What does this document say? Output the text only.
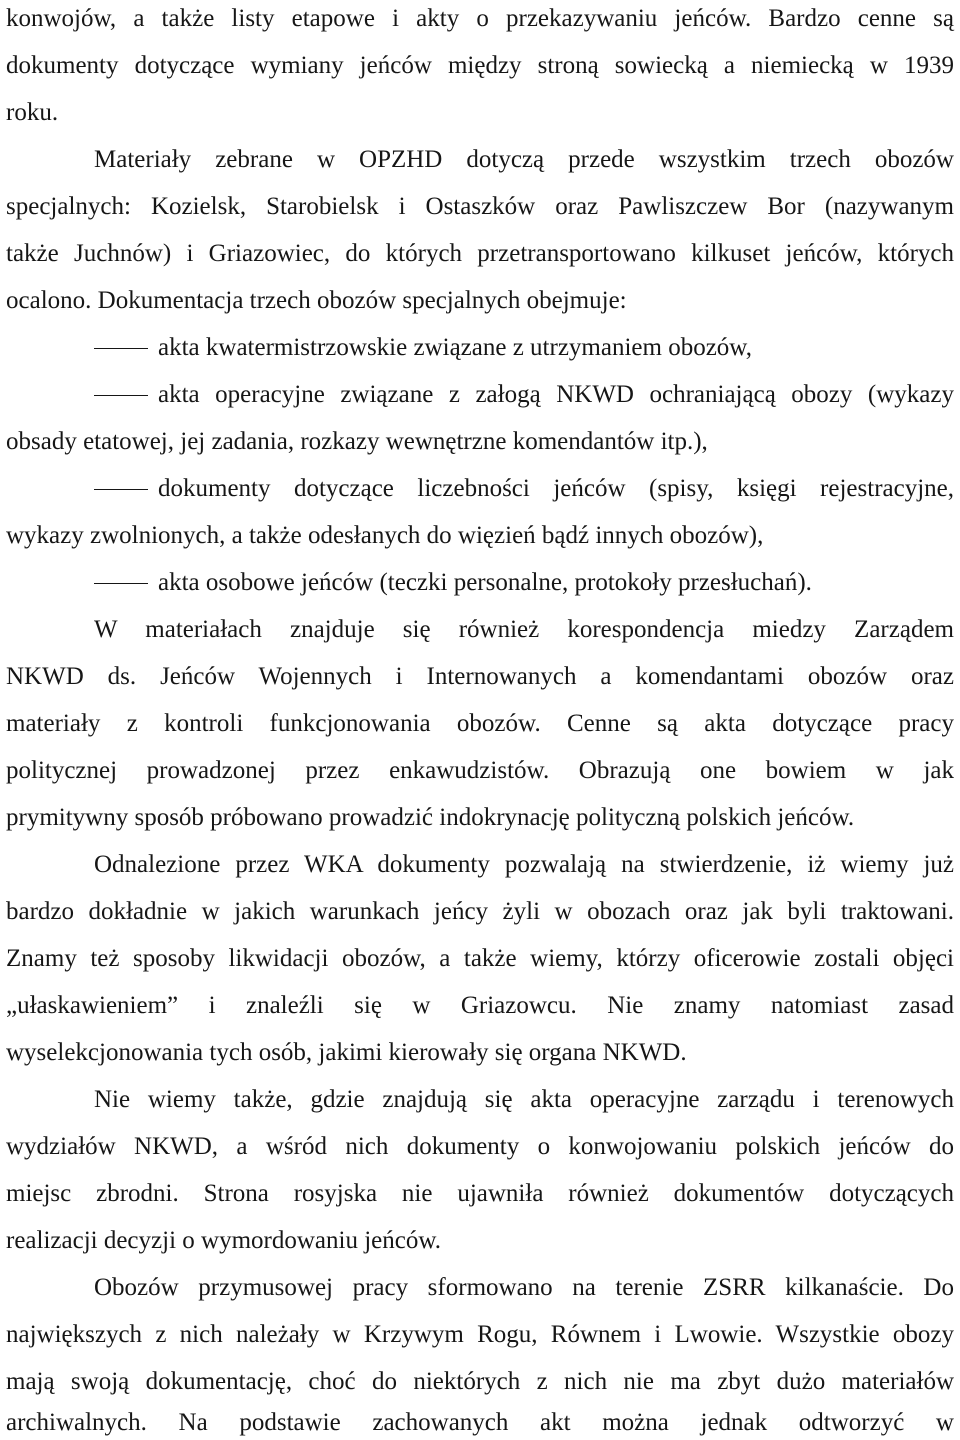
konwojów, a także listy etapowe i akty o przekazywaniu jeńców. Bardzo cenne są
dokumenty dotyczące wymiany jeńców między stroną sowiecką a niemiecką w 1939
roku.
Materiały zebrane w OPZHD dotyczą przede wszystkim trzech obozów
specjalnych: Kozielsk, Starobielsk i Ostaszków oraz Pawliszczew Bor (nazywanym
także Juchnów) i Griazowiec, do których przetransportowano kilkuset jeńców, których
ocalono. Dokumentacja trzech obozów specjalnych obejmuje:
akta kwatermistrzowskie związane z utrzymaniem obozów,
akta operacyjne związane z załogą NKWD ochraniającą obozy (wykazy
obsady etatowej, jej zadania, rozkazy wewnętrzne komendantów itp.),
dokumenty dotyczące liczebności jeńców (spisy, księgi rejestracyjne,
wykazy zwolnionych, a także odesłanych do więzień bądź innych obozów),
akta osobowe jeńców (teczki personalne, protokoły przesłuchań).
W materiałach znajduje się również korespondencja miedzy Zarządem
NKWD ds. Jeńców Wojennych i Internowanych a komendantami obozów oraz
materiały z kontroli funkcjonowania obozów. Cenne są akta dotyczące pracy
politycznej prowadzonej przez enkawudzistów. Obrazują one bowiem w jak
prymitywny sposób próbowano prowadzić indokrynację polityczną polskich jeńców.
Odnalezione przez WKA dokumenty pozwalają na stwierdzenie, iż wiemy już
bardzo dokładnie w jakich warunkach jeńcy żyli w obozach oraz jak byli traktowani.
Znamy też sposoby likwidacji obozów, a także wiemy, którzy oficerowie zostali objęci
„ułaskawieniem” i znaleźli się w Griazowcu. Nie znamy natomiast zasad
wyselekcjonowania tych osób, jakimi kierowały się organa NKWD.
Nie wiemy także, gdzie znajdują się akta operacyjne zarządu i terenowych
wydziałów NKWD, a wśród nich dokumenty o konwojowaniu polskich jeńców do
miejsc zbrodni. Strona rosyjska nie ujawniła również dokumentów dotyczących
realizacji decyzji o wymordowaniu jeńców.
Obozów przymusowej pracy sformowano na terenie ZSRR kilkanaście. Do
największych z nich należały w Krzywym Rogu, Równem i Lwowie. Wszystkie obozy
mają swoją dokumentację, choć do niektórych z nich nie ma zbyt dużo materiałów
archiwalnych. Na podstawie zachowanych akt można jednak odtworzyć w
